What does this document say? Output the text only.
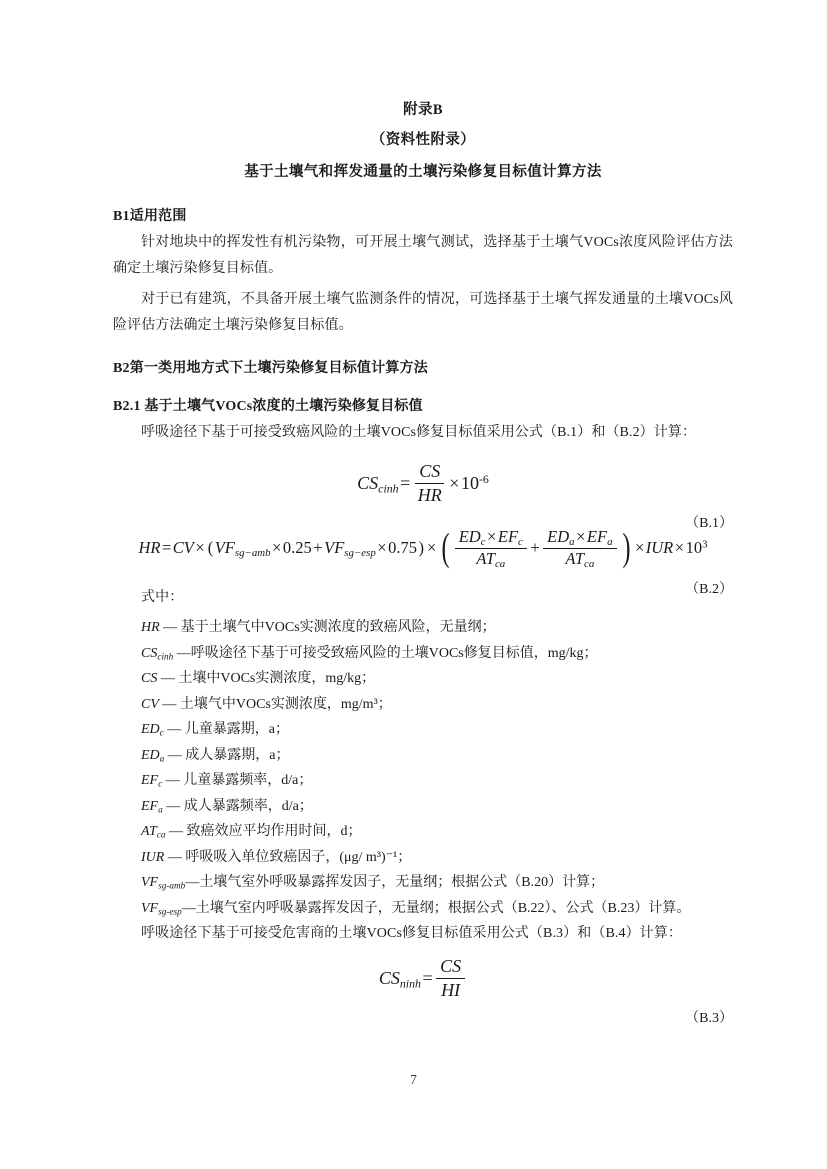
附录B
（资料性附录）
基于土壤气和挥发通量的土壤污染修复目标值计算方法
B1适用范围

针对地块中的挥发性有机污染物，可开展土壤气测试，选择基于土壤气VOCs浓度风险评估方法确定土壤污染修复目标值。

对于已有建筑，不具备开展土壤气监测条件的情况，可选择基于土壤气挥发通量的土壤VOCs风险评估方法确定土壤污染修复目标值。

B2第一类用地方式下土壤污染修复目标值计算方法
B2.1 基于土壤气VOCs浓度的土壤污染修复目标值

呼吸途径下基于可接受致癌风险的土壤VOCs修复目标值采用公式（B.1）和（B.2）计算：

$CS_{cinh} = \frac{CS}{HR} \times 10^{-6}$
（B.1）
HR = CV × ( $VF_{sg-amb} \times 0.25 + VF_{sg-esp} \times 0.75$ ) × ( $\frac{ED_c\times EF_c}{AT_{ca}} + \frac{ED_a\times EF_a}{AT_{ca}}$ ) × IUR × $10^3$
（B.2）

式中：

HR — 基于土壤气中VOCs实测浓度的致癌风险，无量纲；
$CS_{cinh}$ —呼吸途径下基于可接受致癌风险的土壤VOCs修复目标值，mg/kg；
CS — 土壤中VOCs实测浓度，mg/kg；
CV — 土壤气中VOCs实测浓度，mg/m³；
$ED_c$ — 儿童暴露期，a；
$ED_a$ — 成人暴露期，a；
$EF_c$ — 儿童暴露频率，d/a；
$EF_a$ — 成人暴露频率，d/a；
$AT_{ca}$ — 致癌效应平均作用时间，d；
IUR — 呼吸吸入单位致癌因子，(μg/ m³)⁻¹；
$VF_{sg-amb}—$土壤气室外呼吸暴露挥发因子，无量纲；根据公式（B.20）计算；
$VF_{sg-esp}—$土壤气室内呼吸暴露挥发因子，无量纲；根据公式（B.22）、公式（B.23）计算。

呼吸途径下基于可接受危害商的土壤VOCs修复目标值采用公式（B.3）和（B.4）计算：

$CS_{ninh} = \frac{CS}{HI}$
（B.3）
7
